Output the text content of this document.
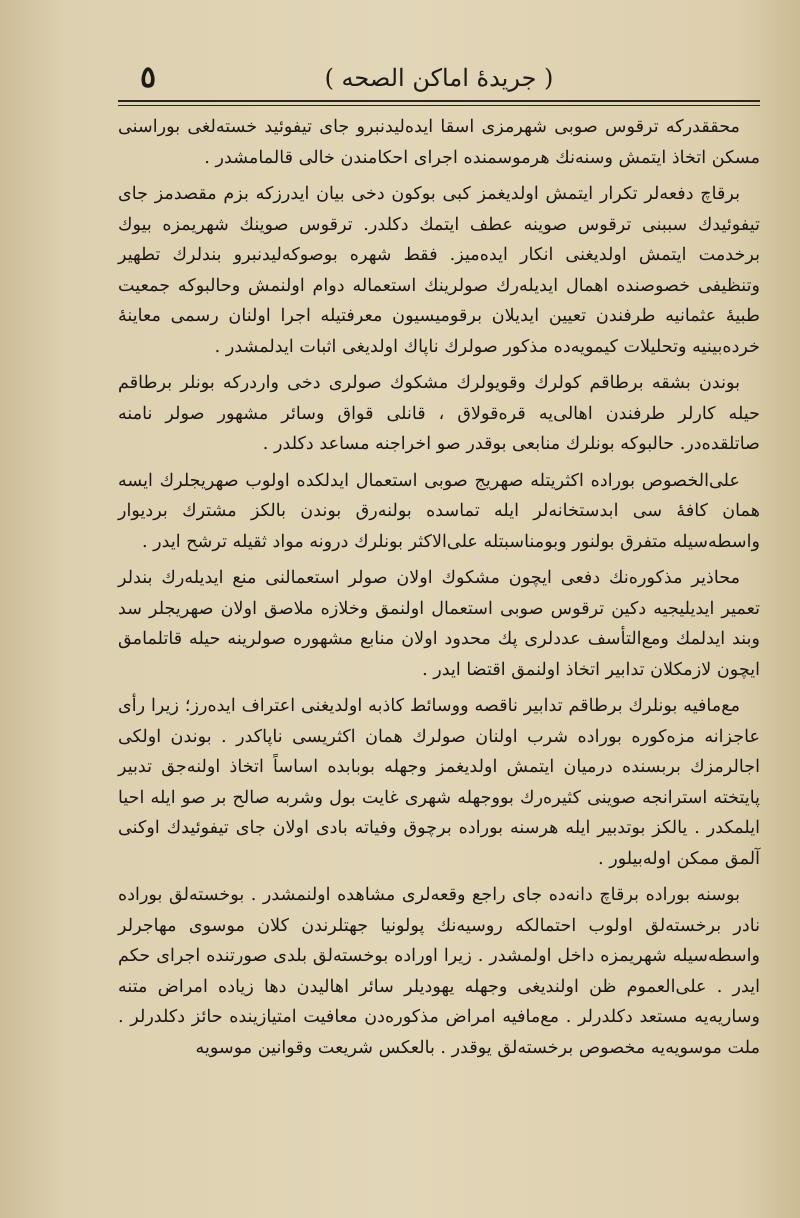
٥	( جريدهٔ اماكن الصحه )

محققدرکه ترقوس صوبی شهرمزی اسقا ایده‌لیدنبرو جای تیفوئید خسته‌لغی بوراسنی مسکن اتخاذ ایتمش وسنه‌نك هرموسمنده اجرای احکامندن خالی قالمامشدر .

برقاچ دفعه‌لر تکرار ایتمش اولدیغمز کبی بوکون دخی بیان ایدرزکه بزم مقصدمز جای تیفوئیدك سببنی ترقوس صوینه عطف ایتمك دکلدر. ترقوس صوینك شهریمزه بیوك برخدمت ایتمش اولدیغنی انکار ایده‌میز. فقط شهره بوصوکه‌لیدنبرو بندلرك تطهیر وتنظیفی خصوصنده اهمال ایدیله‌رك صولرینك استعماله دوام اولنمش وحالبوکه جمعیت طبیهٔ عثمانیه طرفندن تعیین ایدیلان برقومیسیون معرفتیله اجرا اولنان رسمی معاینهٔ خرده‌بینیه وتحلیلات کیمویه‌ده مذکور صولرك ناپاك اولدیغی اثبات ایدلمشدر .

بوندن بشقه برطاقم کولرك وقویولرك مشکوك صولری دخی واردرکه بونلر برطاقم حیله کارلر طرفندن اهالی‌یه قره‌قولاق ، قانلی قواق وسائر مشهور صولر نامنه صاتلقده‌در. حالبوکه بونلرك منابعی بوقدر صو اخراجنه مساعد دکلدر .

علی‌الخصوص بوراده اکثریتله صهریج صوبی استعمال ایدلکده اولوب صهریجلرك ایسه همان کافهٔ سی ابدستخانه‌لر ایله تماسده بولنه‌رق بوندن بالکز مشترك بردیوار واسطه‌سیله متفرق بولنور وبومناسبتله علی‌الاکثر بونلرك درونه مواد ثقیله ترشح ایدر .

محاذیر مذکوره‌نك دفعی ایچون مشکوك اولان صولر استعمالنی منع ایدیله‌رك بندلر تعمیر ایدیلیجیه دکین ترقوس صوبی استعمال اولنمق وخلازه ملاصق اولان صهریجلر سد وبند ایدلمك ومع‌التأسف عددلری پك محدود اولان منابع مشهوره صولرینه حیله قاتلمامق ایچون لازمکلان تدابیر اتخاذ اولنمق اقتضا ایدر .

مع‌مافیه بونلرك برطاقم تدابیر ناقصه ووسائط کاذبه اولدیغنی اعتراف ایده‌رز؛ زیرا رأی عاجزانه مزه‌کوره بوراده شرب اولنان صولرك همان اکثریسی ناپاکدر . بوندن اولکی اجالرمزك بربسنده درمیان ایتمش اولدیغمز وجهله بوبابده اساساً اتخاذ اولنه‌جق تدبیر پایتخته استرانجه صوینی کثیره‌رك بووجهله شهری غایت بول وشربه صالح بر صو ایله احیا ایلمکدر . یالکز بوتدبیر ایله هرسنه بوراده برچوق وفیاته بادی اولان جای تیفوئیدك اوکنی آلمق ممکن اوله‌بیلور .

بوسنه بوراده برقاچ دانه‌ده جای راجع وقعه‌لری مشاهده اولنمشدر . بوخسته‌لق بوراده نادر برخسته‌لق اولوب احتمالکه روسیه‌نك پولونیا جهتلرندن کلان موسوی مهاجرلر واسطه‌سیله شهریمزه داخل اولمشدر . زیرا اوراده بوخسته‌لق بلدی صورتنده اجرای حکم ایدر . علی‌العموم ظن اولندیغی وجهله یهودیلر سائر اهالیدن دها زیاده امراض متنه وساریه‌یه مستعد دکلدرلر . مع‌مافیه امراض مذکوره‌دن معافیت امتیازینده حائز دکلدرلر . ملت موسویه‌یه مخصوص برخسته‌لق یوقدر . بالعکس شریعت وقوانین موسویه
